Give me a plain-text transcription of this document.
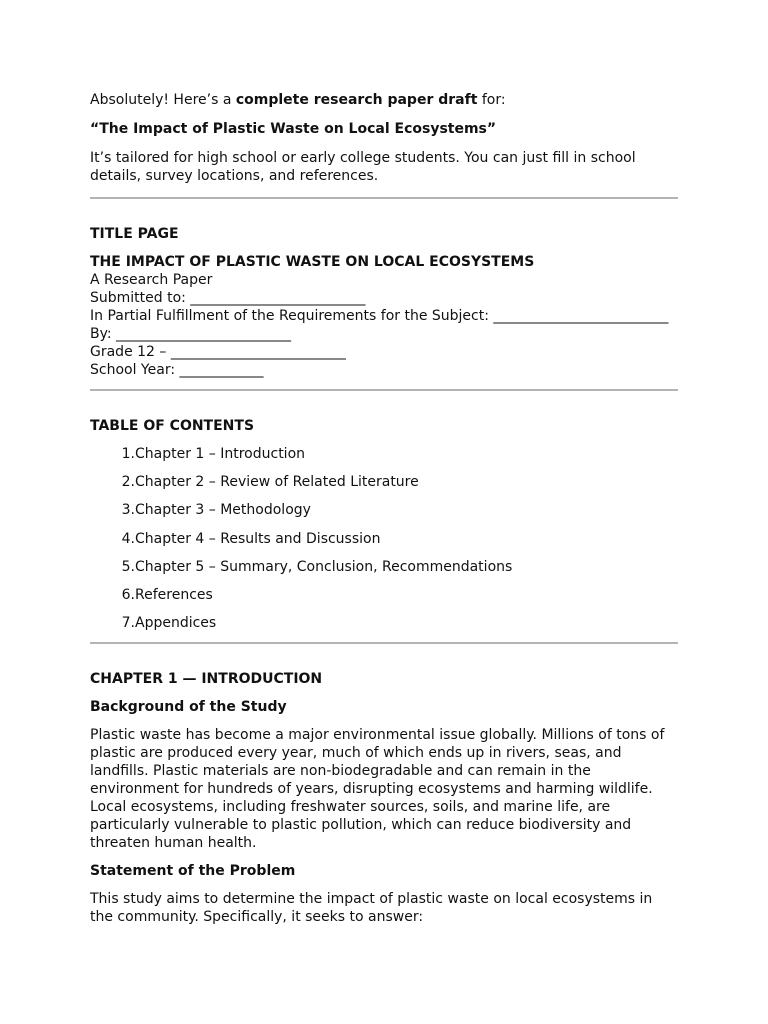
Absolutely! Here’s a complete research paper draft for:

“The Impact of Plastic Waste on Local Ecosystems”

It’s tailored for high school or early college students. You can just fill in school details, survey locations, and references.

TITLE PAGE

THE IMPACT OF PLASTIC WASTE ON LOCAL ECOSYSTEMS
A Research Paper
Submitted to: _________________________
In Partial Fulfillment of the Requirements for the Subject: _________________________
By: _________________________
Grade 12 – _________________________
School Year: ____________

TABLE OF CONTENTS

1. Chapter 1 – Introduction
2. Chapter 2 – Review of Related Literature
3. Chapter 3 – Methodology
4. Chapter 4 – Results and Discussion
5. Chapter 5 – Summary, Conclusion, Recommendations
6. References
7. Appendices

CHAPTER 1 — INTRODUCTION

Background of the Study

Plastic waste has become a major environmental issue globally. Millions of tons of plastic are produced every year, much of which ends up in rivers, seas, and landfills. Plastic materials are non-biodegradable and can remain in the environment for hundreds of years, disrupting ecosystems and harming wildlife. Local ecosystems, including freshwater sources, soils, and marine life, are particularly vulnerable to plastic pollution, which can reduce biodiversity and threaten human health.

Statement of the Problem

This study aims to determine the impact of plastic waste on local ecosystems in the community. Specifically, it seeks to answer:
